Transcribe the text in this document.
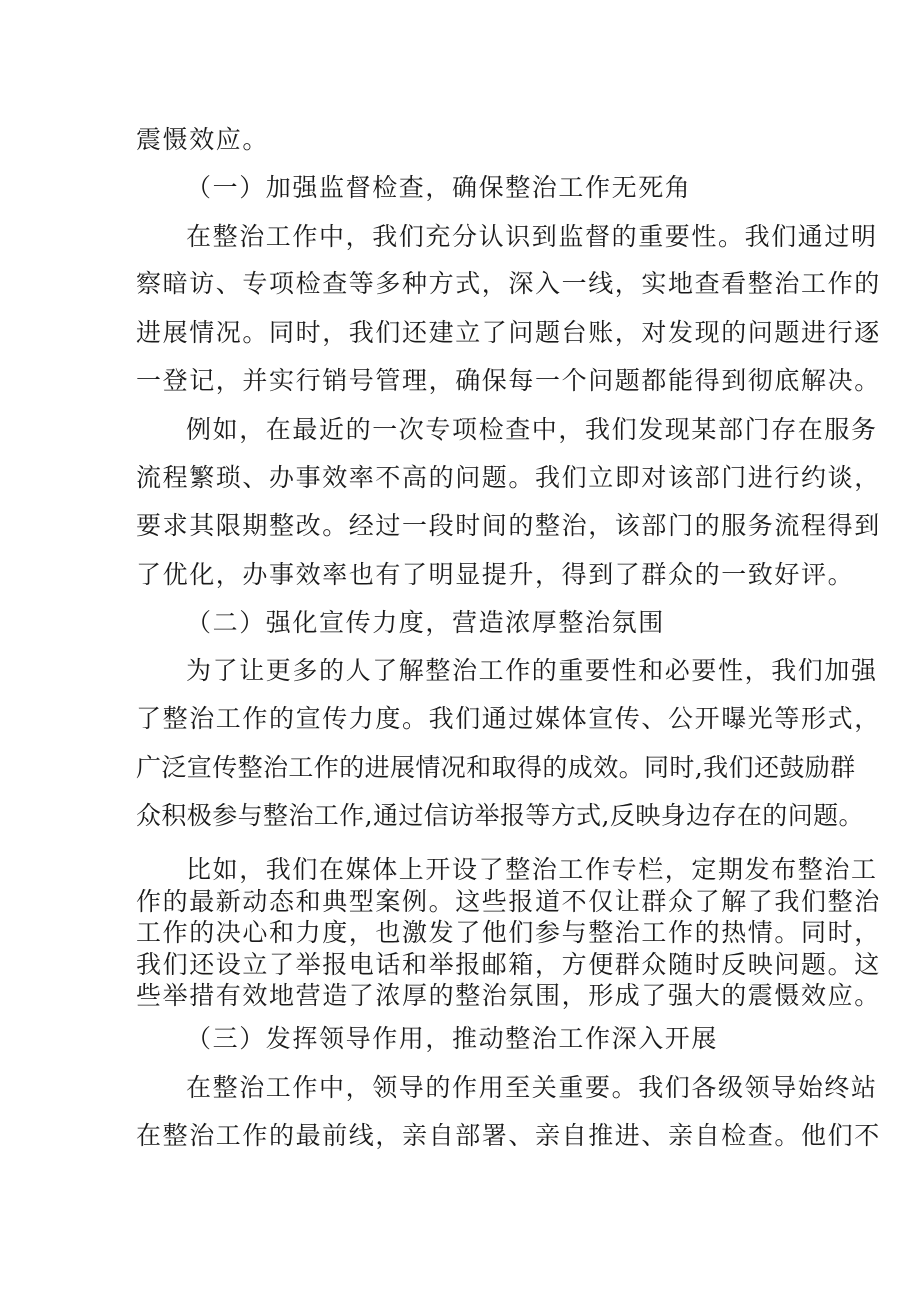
震慑效应。
（一）加强监督检查，确保整治工作无死角
在整治工作中，我们充分认识到监督的重要性。我们通过明
察暗访、专项检查等多种方式，深入一线，实地查看整治工作的
进展情况。同时，我们还建立了问题台账，对发现的问题进行逐
一登记，并实行销号管理，确保每一个问题都能得到彻底解决。
例如，在最近的一次专项检查中，我们发现某部门存在服务
流程繁琐、办事效率不高的问题。我们立即对该部门进行约谈，
要求其限期整改。经过一段时间的整治，该部门的服务流程得到
了优化，办事效率也有了明显提升，得到了群众的一致好评。
（二）强化宣传力度，营造浓厚整治氛围
为了让更多的人了解整治工作的重要性和必要性，我们加强
了整治工作的宣传力度。我们通过媒体宣传、公开曝光等形式，
广泛宣传整治工作的进展情况和取得的成效。同时,我们还鼓励群
众积极参与整治工作,通过信访举报等方式,反映身边存在的问题。
比如，我们在媒体上开设了整治工作专栏，定期发布整治工
作的最新动态和典型案例。这些报道不仅让群众了解了我们整治
工作的决心和力度，也激发了他们参与整治工作的热情。同时，
我们还设立了举报电话和举报邮箱，方便群众随时反映问题。这
些举措有效地营造了浓厚的整治氛围，形成了强大的震慑效应。
（三）发挥领导作用，推动整治工作深入开展
在整治工作中，领导的作用至关重要。我们各级领导始终站
在整治工作的最前线，亲自部署、亲自推进、亲自检查。他们不
